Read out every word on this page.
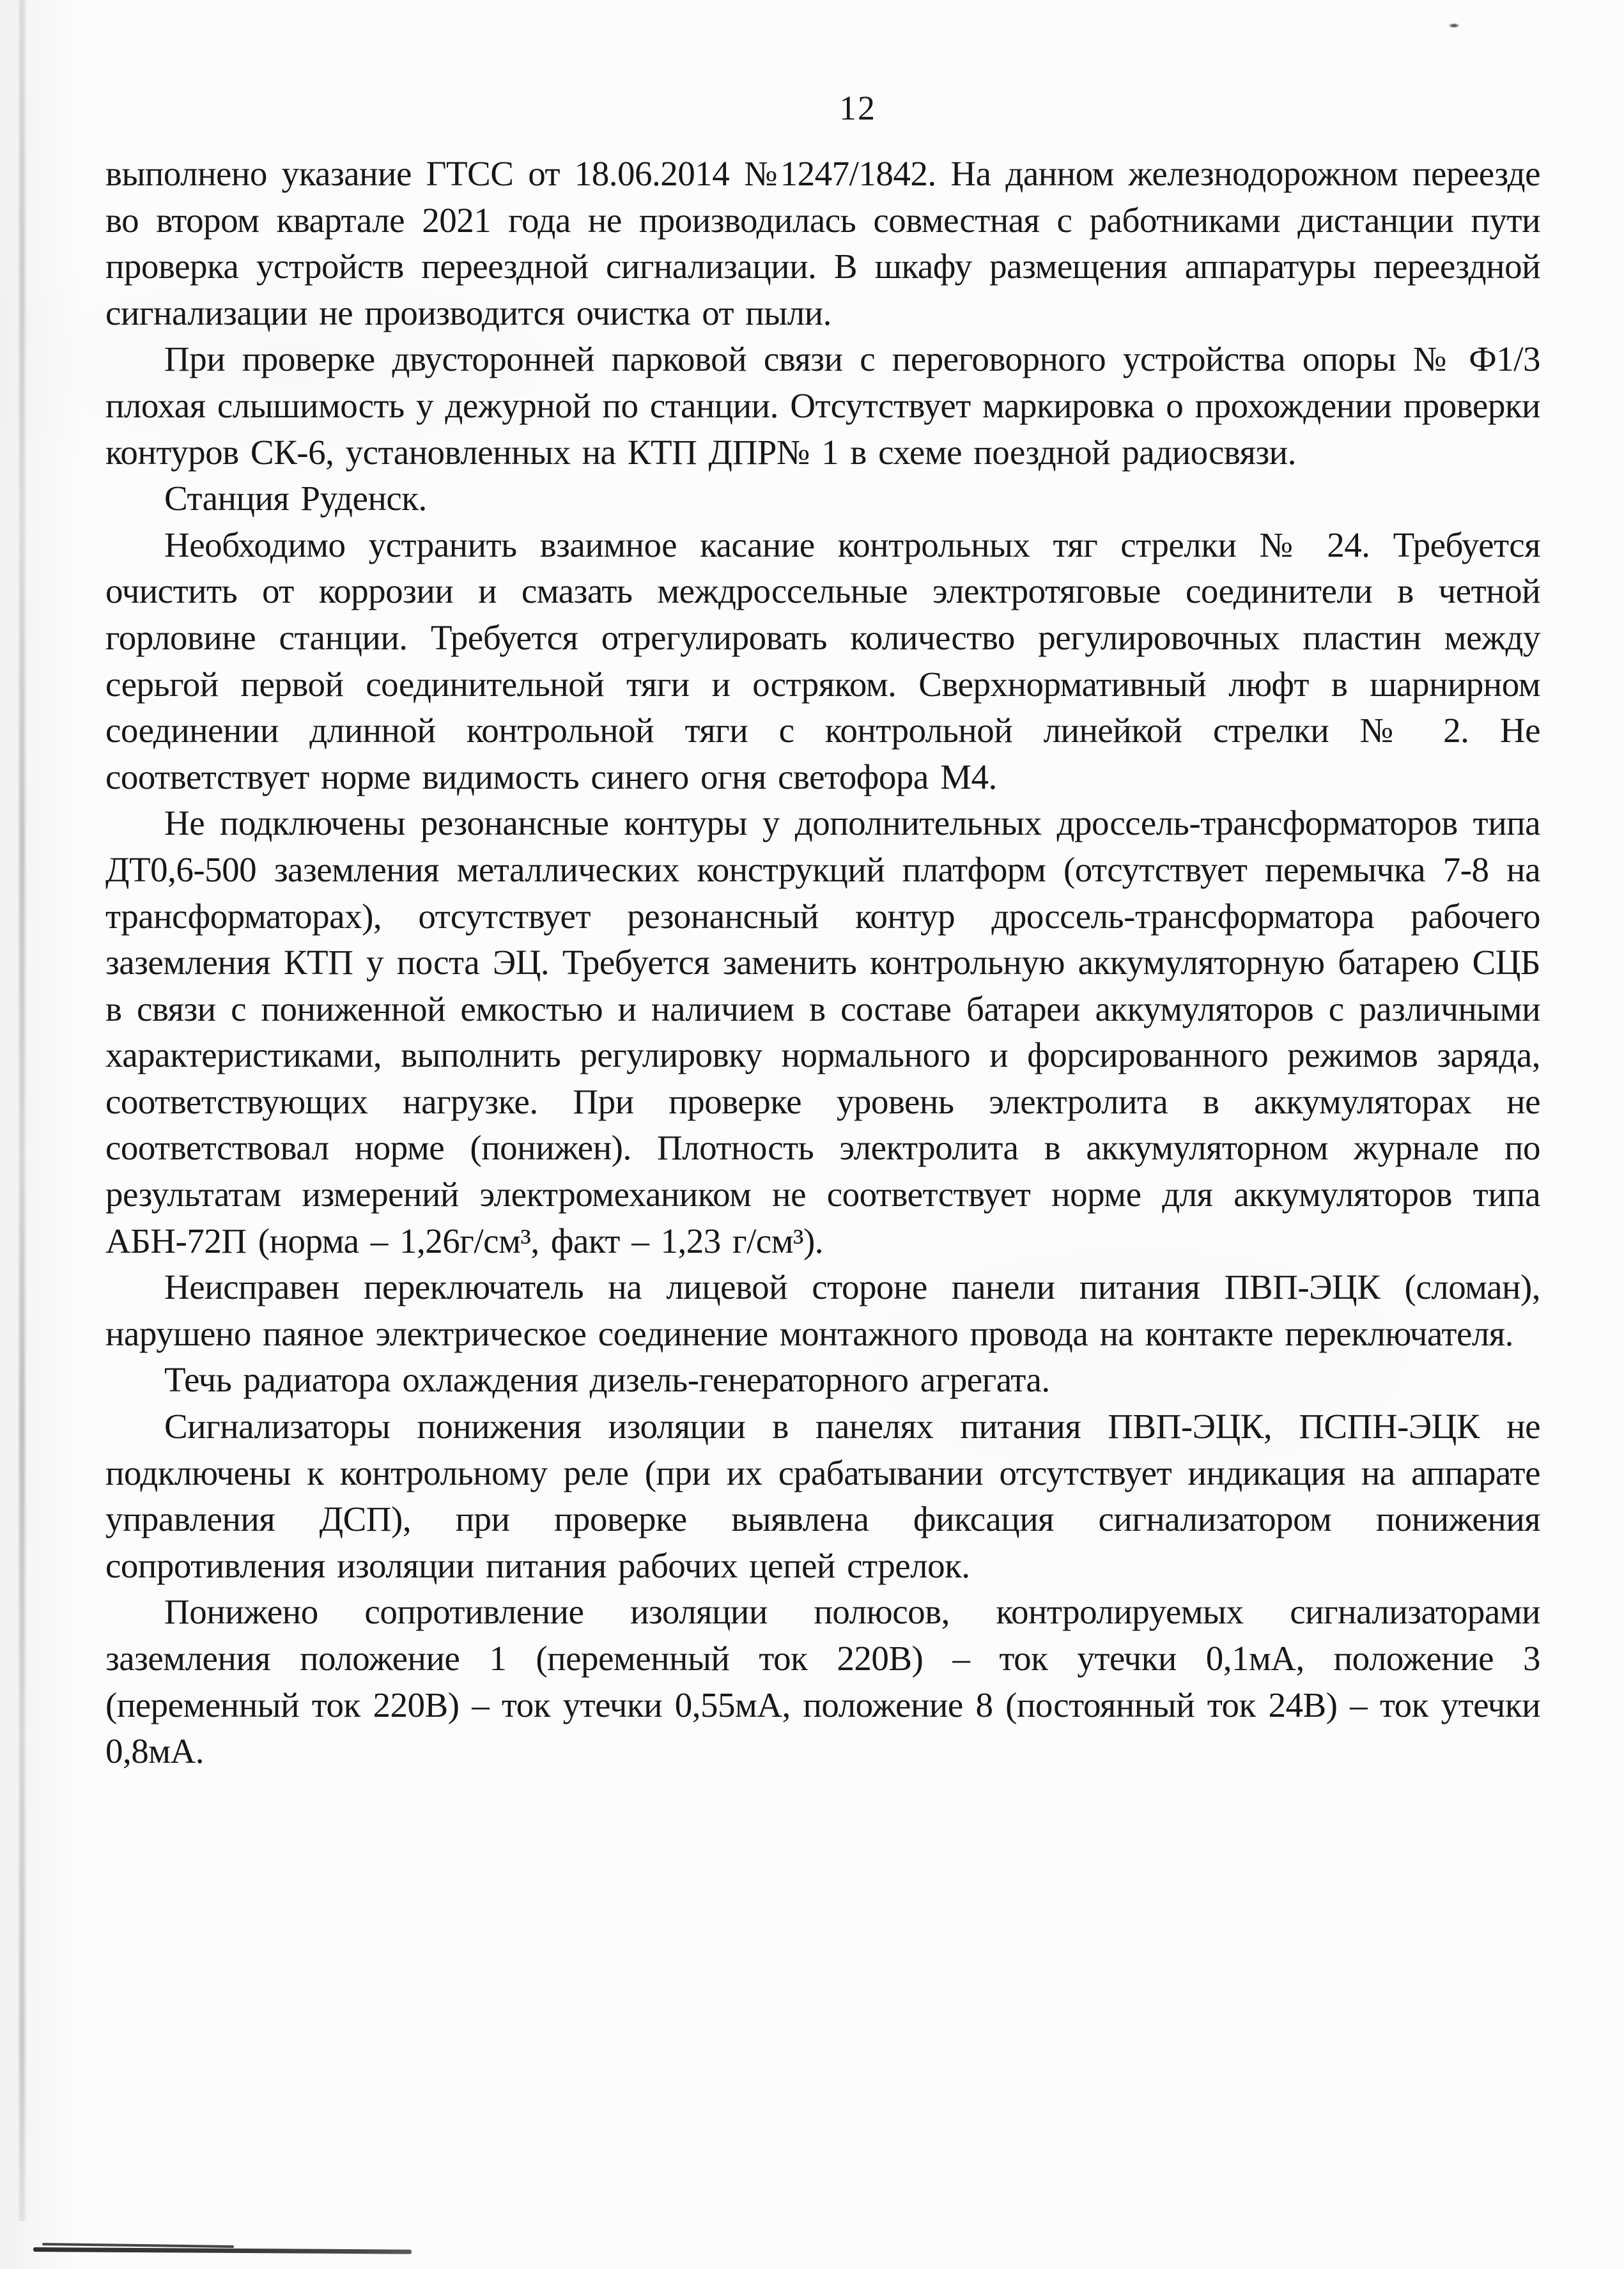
12

выполнено указание ГТСС от 18.06.2014 №1247/1842. На данном железнодорожном переезде во втором квартале 2021 года не производилась совместная с работниками дистанции пути проверка устройств переездной сигнализации. В шкафу размещения аппаратуры переездной сигнализации не производится очистка от пыли.

При проверке двусторонней парковой связи с переговорного устройства опоры № Ф1/3 плохая слышимость у дежурной по станции. Отсутствует маркировка о прохождении проверки контуров СК-6, установленных на КТП ДПР№ 1 в схеме поездной радиосвязи.

Станция Руденск.

Необходимо устранить взаимное касание контрольных тяг стрелки № 24. Требуется очистить от коррозии и смазать междроссельные электротяговые соединители в четной горловине станции. Требуется отрегулировать количество регулировочных пластин между серьгой первой соединительной тяги и остряком. Сверхнормативный люфт в шарнирном соединении длинной контрольной тяги с контрольной линейкой стрелки № 2. Не соответствует норме видимость синего огня светофора М4.

Не подключены резонансные контуры у дополнительных дроссель-трансформаторов типа ДТ0,6-500 заземления металлических конструкций платформ (отсутствует перемычка 7-8 на трансформаторах), отсутствует резонансный контур дроссель-трансформатора рабочего заземления КТП у поста ЭЦ. Требуется заменить контрольную аккумуляторную батарею СЦБ в связи с пониженной емкостью и наличием в составе батареи аккумуляторов с различными характеристиками, выполнить регулировку нормального и форсированного режимов заряда, соответствующих нагрузке. При проверке уровень электролита в аккумуляторах не соответствовал норме (понижен). Плотность электролита в аккумуляторном журнале по результатам измерений электромехаником не соответствует норме для аккумуляторов типа АБН-72П (норма – 1,26г/см³, факт – 1,23 г/см³).

Неисправен переключатель на лицевой стороне панели питания ПВП-ЭЦК (сломан), нарушено паяное электрическое соединение монтажного провода на контакте переключателя.

Течь радиатора охлаждения дизель-генераторного агрегата.

Сигнализаторы понижения изоляции в панелях питания ПВП-ЭЦК, ПСПН-ЭЦК не подключены к контрольному реле (при их срабатывании отсутствует индикация на аппарате управления ДСП), при проверке выявлена фиксация сигнализатором понижения сопротивления изоляции питания рабочих цепей стрелок.

Понижено сопротивление изоляции полюсов, контролируемых сигнализаторами заземления положение 1 (переменный ток 220В) – ток утечки 0,1мА, положение 3 (переменный ток 220В) – ток утечки 0,55мА, положение 8 (постоянный ток 24В) – ток утечки 0,8мА.
